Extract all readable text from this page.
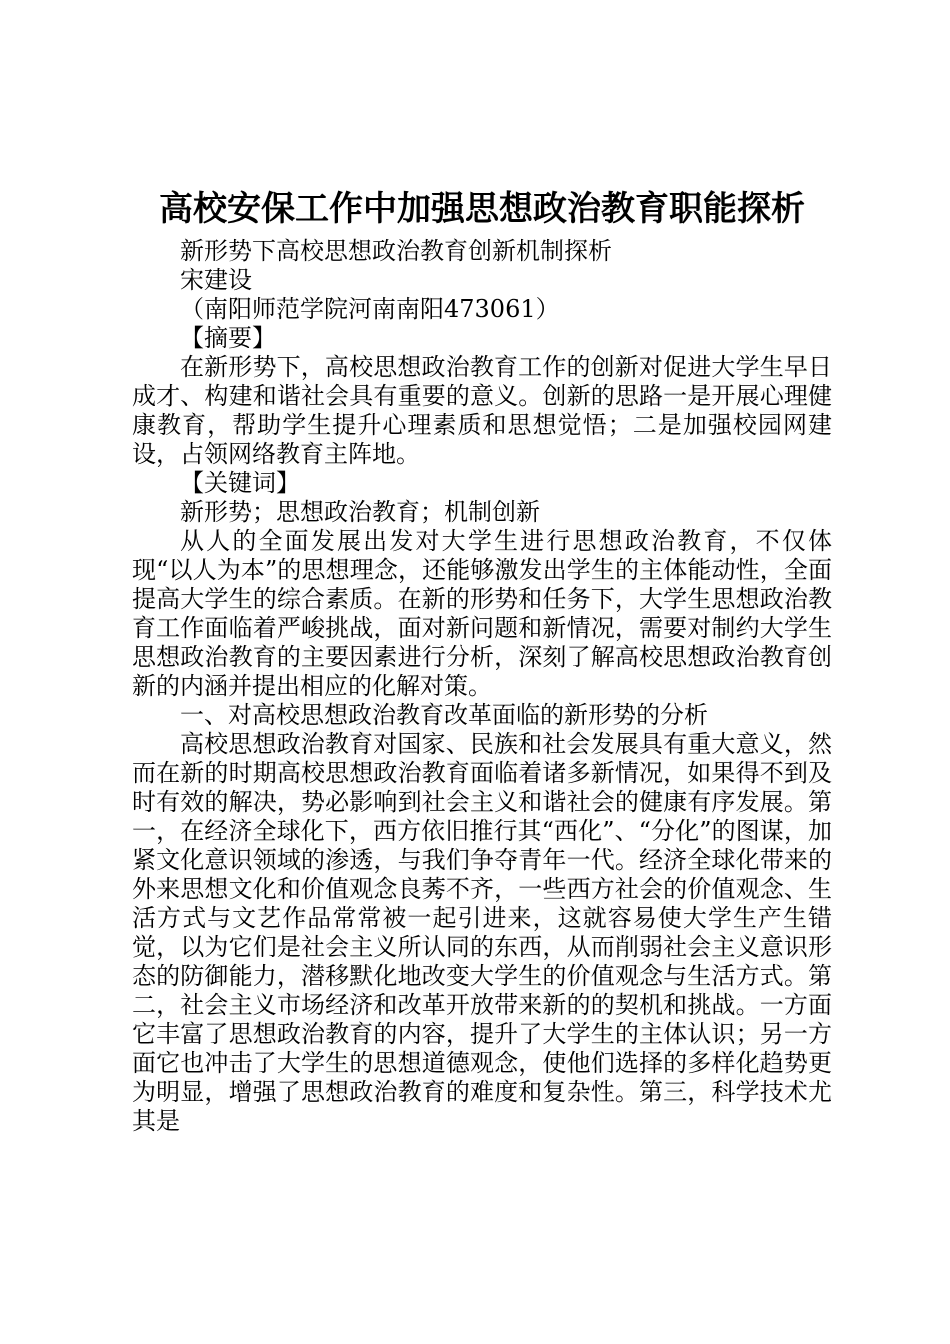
高校安保工作中加强思想政治教育职能探析

新形势下高校思想政治教育创新机制探析

宋建设

（南阳师范学院河南南阳473061）

【摘要】

在新形势下，高校思想政治教育工作的创新对促进大学生早日成才、构建和谐社会具有重要的意义。创新的思路一是开展心理健康教育，帮助学生提升心理素质和思想觉悟；二是加强校园网建设，占领网络教育主阵地。

【关键词】

新形势；思想政治教育；机制创新

从人的全面发展出发对大学生进行思想政治教育，不仅体现“以人为本”的思想理念，还能够激发出学生的主体能动性，全面提高大学生的综合素质。在新的形势和任务下，大学生思想政治教育工作面临着严峻挑战，面对新问题和新情况，需要对制约大学生思想政治教育的主要因素进行分析，深刻了解高校思想政治教育创新的内涵并提出相应的化解对策。

一、对高校思想政治教育改革面临的新形势的分析

高校思想政治教育对国家、民族和社会发展具有重大意义，然而在新的时期高校思想政治教育面临着诸多新情况，如果得不到及时有效的解决，势必影响到社会主义和谐社会的健康有序发展。第一，在经济全球化下，西方依旧推行其“西化”、“分化”的图谋，加紧文化意识领域的渗透，与我们争夺青年一代。经济全球化带来的外来思想文化和价值观念良莠不齐，一些西方社会的价值观念、生活方式与文艺作品常常被一起引进来，这就容易使大学生产生错觉，以为它们是社会主义所认同的东西，从而削弱社会主义意识形态的防御能力，潜移默化地改变大学生的价值观念与生活方式。第二，社会主义市场经济和改革开放带来新的的契机和挑战。一方面它丰富了思想政治教育的内容，提升了大学生的主体认识；另一方面它也冲击了大学生的思想道德观念，使他们选择的多样化趋势更为明显，增强了思想政治教育的难度和复杂性。第三，科学技术尤其是
